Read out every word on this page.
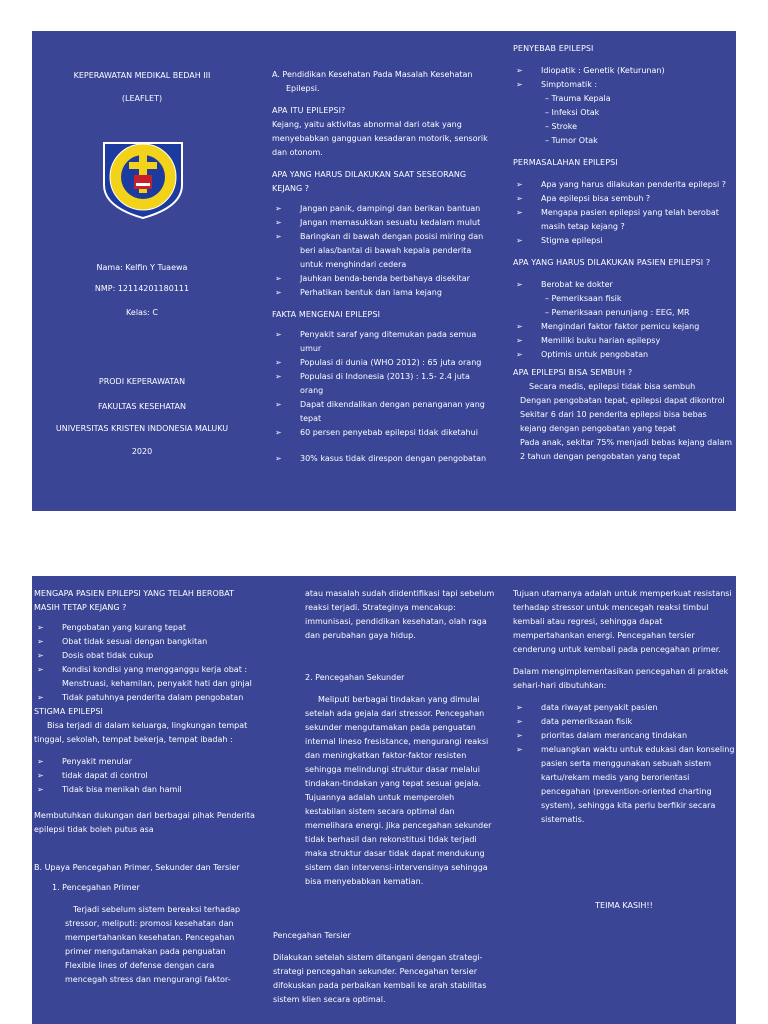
KEPERAWATAN MEDIKAL BEDAH III
(LEAFLET)
Nama: Kelfin Y Tuaewa
NMP: 12114201180111
Kelas: C
PRODI KEPERAWATAN
FAKULTAS KESEHATAN
UNIVERSITAS KRISTEN INDONESIA MALUKU
2020
A. Pendidikan Kesehatan Pada Masalah Kesehatan
Epilepsi.
APA ITU EPILEPSI?
Kejang, yaitu aktivitas abnormal dari otak yang menyebabkan gangguan kesadaran motorik, sensorik dan otonom.
APA YANG HARUS DILAKUKAN SAAT SESEORANG KEJANG ?
➢ Jangan panik, dampingi dan berikan bantuan
➢ Jangan memasukkan sesuatu kedalam mulut
➢ Baringkan di bawah dengan posisi miring dan beri alas/bantal di bawah kepala penderita untuk menghindari cedera
➢ Jauhkan benda-benda berbahaya disekitar
➢ Perhatikan bentuk dan lama kejang
FAKTA MENGENAI EPILEPSI
➢ Penyakit saraf yang ditemukan pada semua umur
➢ Populasi di dunia (WHO 2012) : 65 juta orang
➢ Populasi di Indonesia (2013) : 1.5- 2.4 juta orang
➢ Dapat dikendalikan dengan penanganan yang tepat
➢ 60 persen penyebab epilepsi tidak diketahui
➢ 30% kasus tidak direspon dengan pengobatan
PENYEBAB EPILEPSI
➢ Idiopatik : Genetik (Keturunan)
➢ Simptomatik :
– Trauma Kepala
– Infeksi Otak
– Stroke
– Tumor Otak
PERMASALAHAN EPILEPSI
➢ Apa yang harus dilakukan penderita epilepsi ?
➢ Apa epilepsi bisa sembuh ?
➢ Mengapa pasien epilepsi yang telah berobat masih tetap kejang ?
➢ Stigma epilepsi
APA YANG HARUS DILAKUKAN PASIEN EPILEPSI ?
➢ Berobat ke dokter
– Pemeriksaan fisik
– Pemeriksaan penunjang : EEG, MR
➢ Mengindari faktor faktor pemicu kejang
➢ Memiliki buku harian epilepsy
➢ Optimis untuk pengobatan
APA EPILEPSI BISA SEMBUH ?
Secara medis, epilepsi tidak bisa sembuh
Dengan pengobatan tepat, epilepsi dapat dikontrol
Sekitar 6 dari 10 penderita epilepsi bisa bebas
kejang dengan pengobatan yang tepat
Pada anak, sekitar 75% menjadi bebas kejang dalam
2 tahun dengan pengobatan yang tepat
MENGAPA PASIEN EPILEPSI YANG TELAH BEROBAT MASIH TETAP KEJANG ?
➢ Pengobatan yang kurang tepat
➢ Obat tidak sesuai dengan bangkitan
➢ Dosis obat tidak cukup
➢ Kondisi kondisi yang mengganggu kerja obat : Menstruasi, kehamilan, penyakit hati dan ginjal
➢ Tidak patuhnya penderita dalam pengobatan
STIGMA EPILEPSI
Bisa terjadi di dalam keluarga, lingkungan tempat tinggal, sekolah, tempat bekerja, tempat ibadah :
➢ Penyakit menular
➢ tidak dapat di control
➢ Tidak bisa menikah dan hamil
Membutuhkan dukungan dari berbagai pihak Penderita epilepsi tidak boleh putus asa
B. Upaya Pencegahan Primer, Sekunder dan Tersier
1. Pencegahan Primer
Terjadi sebelum sistem bereaksi terhadap stressor, meliputi: promosi kesehatan dan mempertahankan kesehatan. Pencegahan primer mengutamakan pada penguatan Flexible lines of defense dengan cara mencegah stress dan mengurangi faktor-
atau masalah sudah diidentifikasi tapi sebelum reaksi terjadi. Strateginya mencakup: immunisasi, pendidikan kesehatan, olah raga dan perubahan gaya hidup.
2. Pencegahan Sekunder
Meliputi berbagai tindakan yang dimulai setelah ada gejala dari stressor. Pencegahan sekunder mengutamakan pada penguatan internal lineso fresistance, mengurangi reaksi dan meningkatkan faktor-faktor resisten sehingga melindungi struktur dasar melalui tindakan-tindakan yang tepat sesuai gejala. Tujuannya adalah untuk memperoleh kestabilan sistem secara optimal dan memelihara energi. Jika pencegahan sekunder tidak berhasil dan rekonstitusi tidak terjadi maka struktur dasar tidak dapat mendukung sistem dan intervensi-intervensinya sehingga bisa menyebabkan kematian.
Pencegahan Tersier
Dilakukan setelah sistem ditangani dengan strategi-strategi pencegahan sekunder. Pencegahan tersier difokuskan pada perbaikan kembali ke arah stabilitas sistem klien secara optimal.
Tujuan utamanya adalah untuk memperkuat resistansi terhadap stressor untuk mencegah reaksi timbul kembali atau regresi, sehingga dapat mempertahankan energi. Pencegahan tersier cenderung untuk kembali pada pencegahan primer.
Dalam mengimplementasikan pencegahan di praktek sehari-hari dibutuhkan:
➢ data riwayat penyakit pasien
➢ data pemeriksaan fisik
➢ prioritas dalam merancang tindakan
➢ meluangkan waktu untuk edukasi dan konseling pasien serta menggunakan sebuah sistem kartu/rekam medis yang berorientasi pencegahan (prevention-oriented charting system), sehingga kita perlu berfikir secara sistematis.
TEIMA KASIH!!
